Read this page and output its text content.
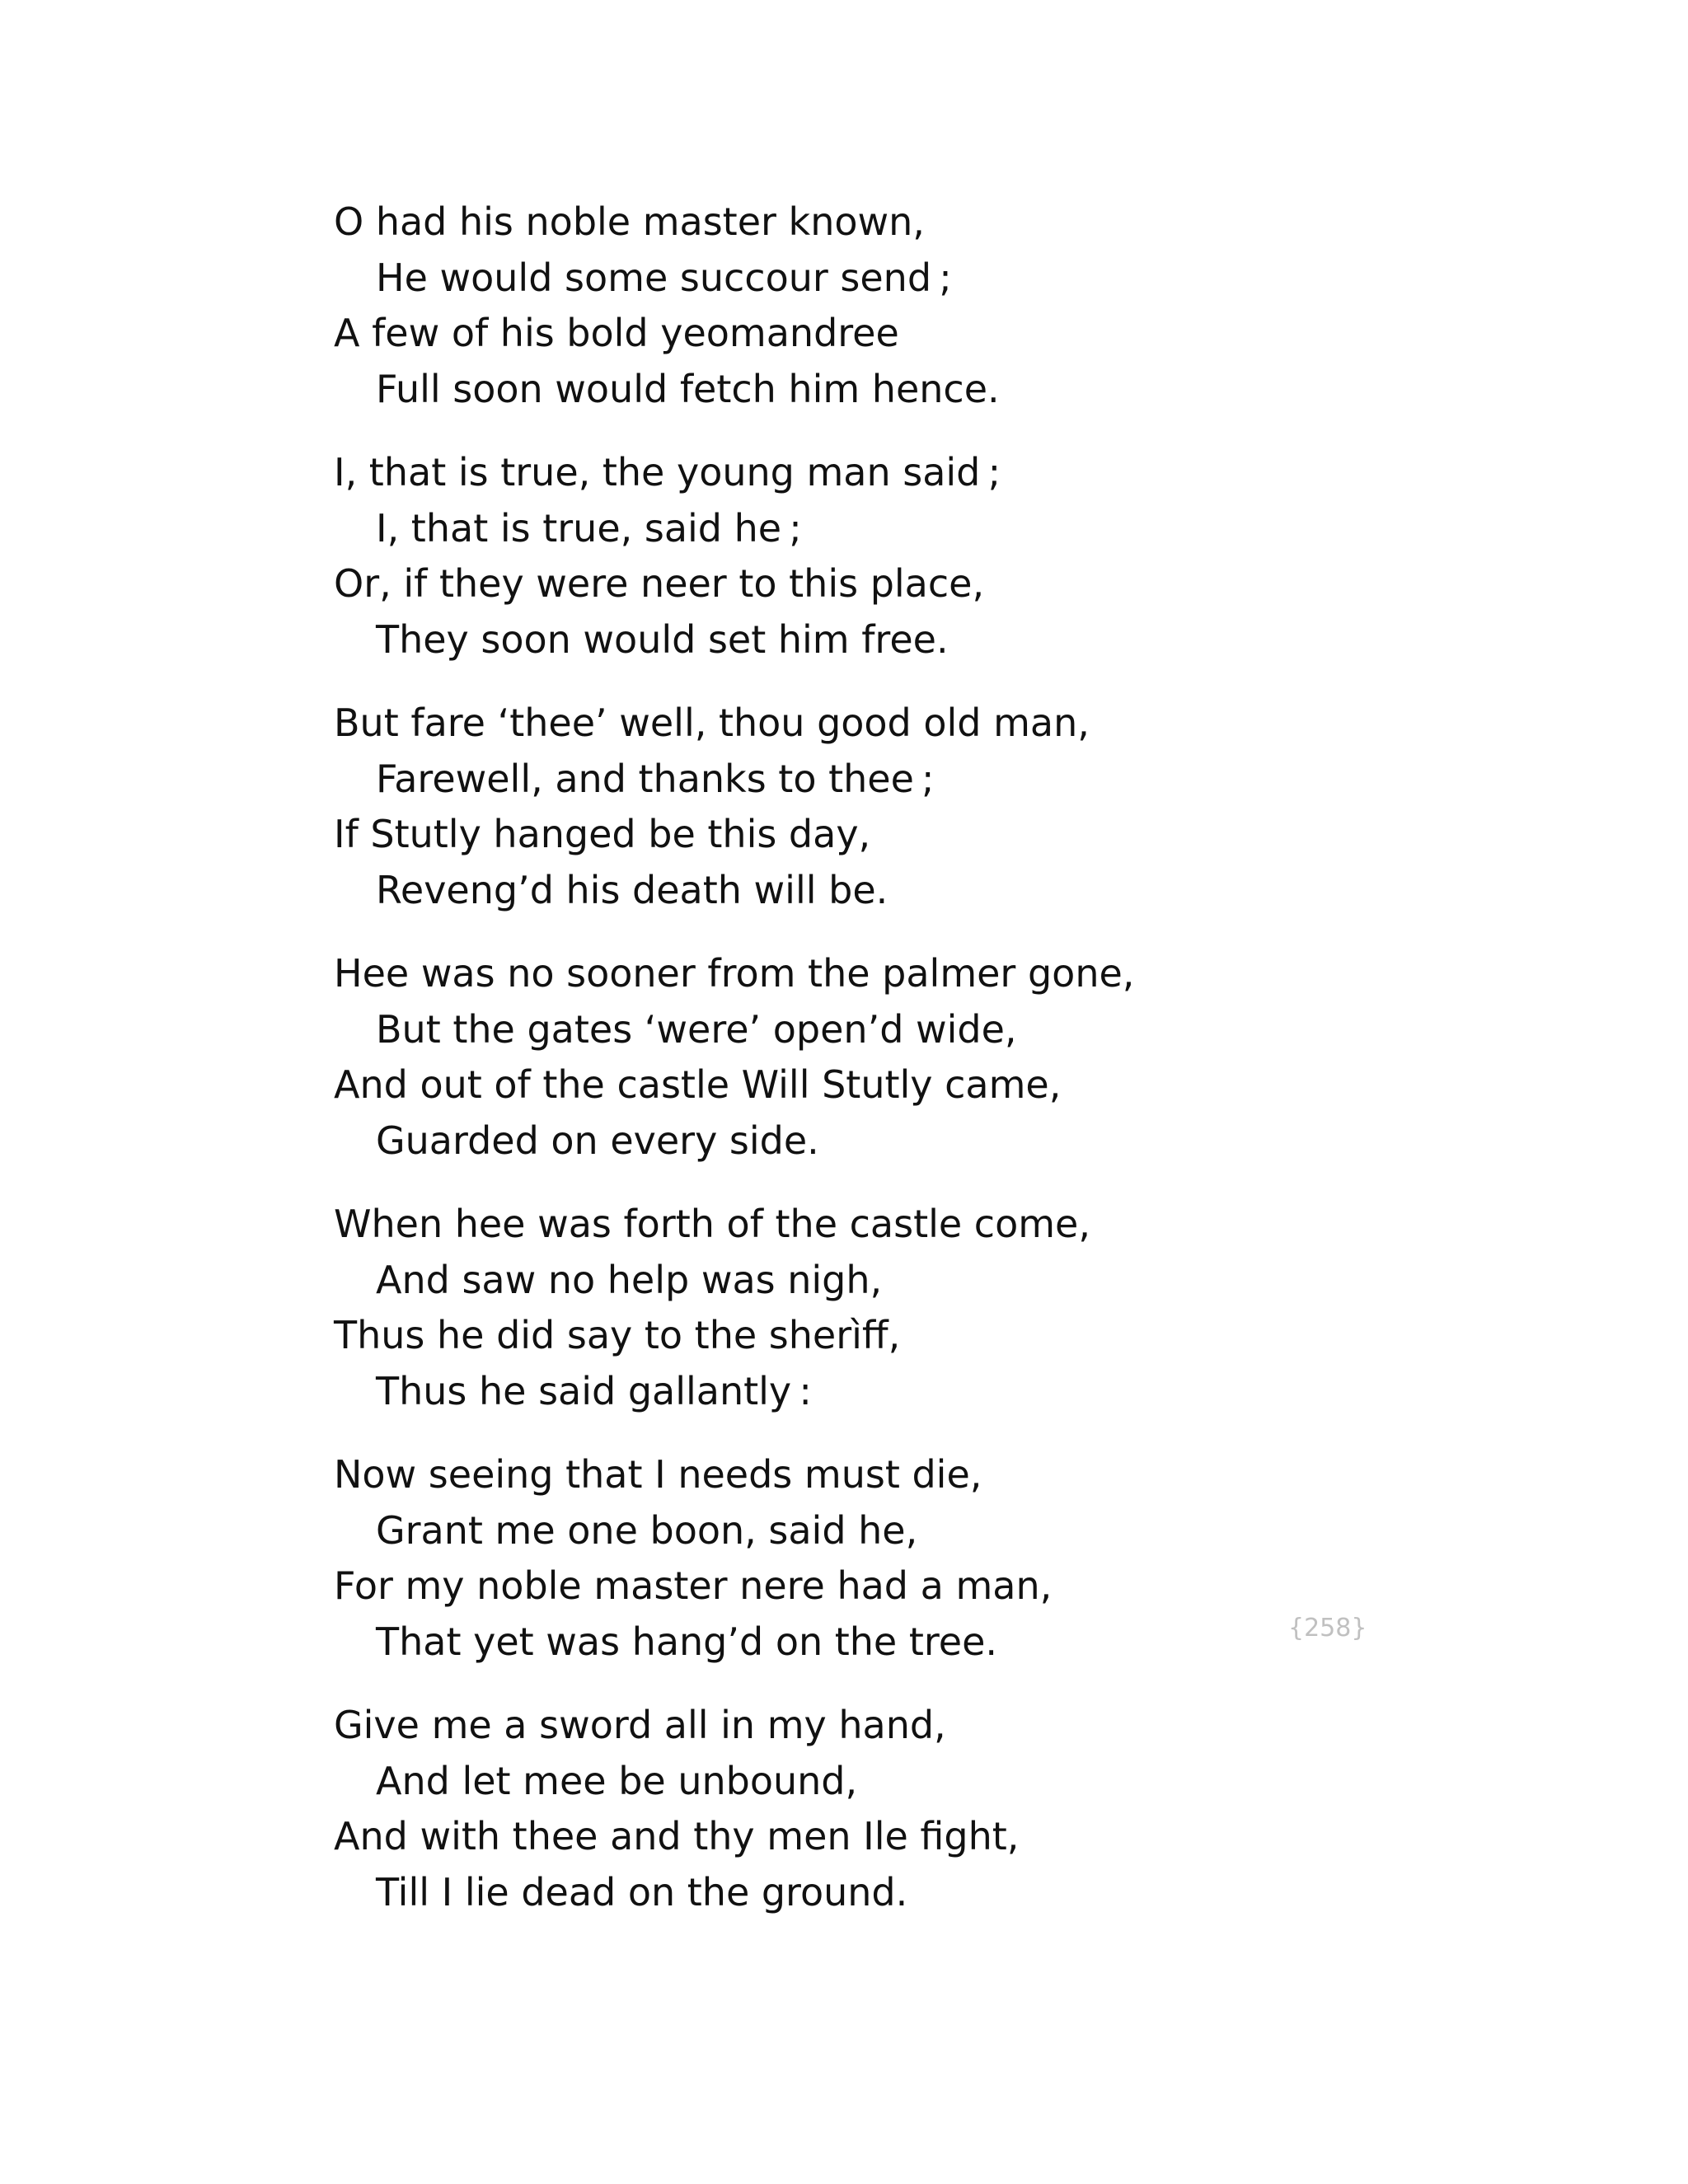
O had his noble master known,
He would some succour send ;
A few of his bold yeomandree
Full soon would fetch him hence.
I, that is true, the young man said ;
I, that is true, said he ;
Or, if they were neer to this place,
They soon would set him free.
But fare ‘thee’ well, thou good old man,
Farewell, and thanks to thee ;
If Stutly hanged be this day,
Reveng’d his death will be.
Hee was no sooner from the palmer gone,
But the gates ‘were’ open’d wide,
And out of the castle Will Stutly came,
Guarded on every side.
When hee was forth of the castle come,
And saw no help was nigh,
Thus he did say to the sherìff,
Thus he said gallantly :
Now seeing that I needs must die,
Grant me one boon, said he,
For my noble master nere had a man,
That yet was hang’d on the tree.
Give me a sword all in my hand,
And let mee be unbound,
And with thee and thy men Ile fight,
Till I lie dead on the ground.
{258}
